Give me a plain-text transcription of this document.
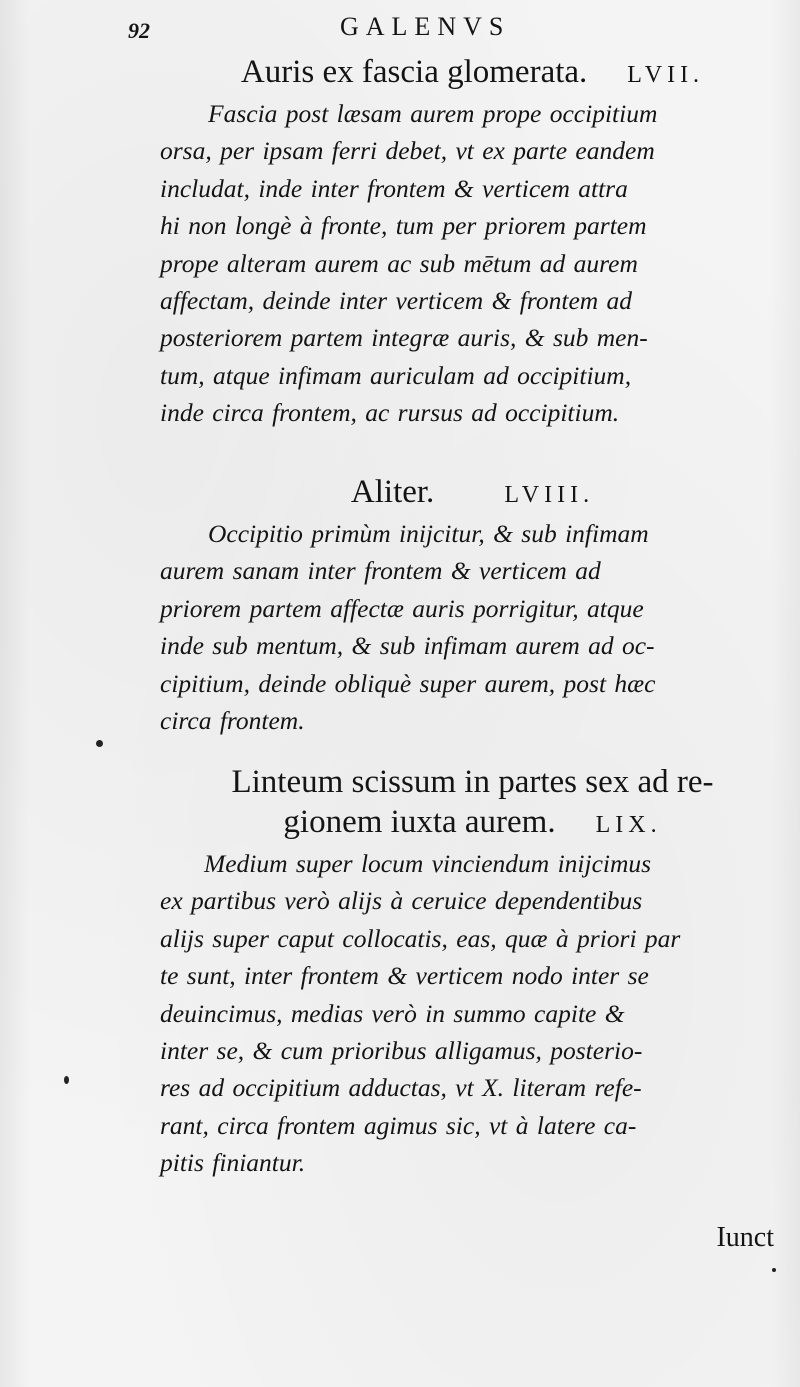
92	GALENVS
Auris ex fascia glomerata. LVII.
Fascia post læsam aurem prope occipitium
orsa, per ipsam ferri debet, vt ex parte eandem
includat, inde inter frontem & verticem attra
hi non longè à fronte, tum per priorem partem
prope alteram aurem ac sub mētum ad aurem
affectam, deinde inter verticem & frontem ad
posteriorem partem integræ auris, & sub men-
tum, atque infimam auriculam ad occipitium,
inde circa frontem, ac rursus ad occipitium.
Aliter.	LVIII.
Occipitio primùm inijcitur, & sub infimam
aurem sanam inter frontem & verticem ad
priorem partem affectæ auris porrigitur, atque
inde sub mentum, & sub infimam aurem ad oc-
cipitium, deinde obliquè super aurem, post hæc
circa frontem.
Linteum scissum in partes sex ad re-
gionem iuxta aurem. LIX.
Medium super locum vinciendum inijcimus
ex partibus verò alijs à ceruice dependentibus
alijs super caput collocatis, eas, quæ à priori par
te sunt, inter frontem & verticem nodo inter se
deuincimus, medias verò in summo capite &
inter se, & cum prioribus alligamus, posterio-
res ad occipitium adductas, vt X. literam refe-
rant, circa frontem agimus sic, vt à latere ca-
pitis finiantur.
Iunct
